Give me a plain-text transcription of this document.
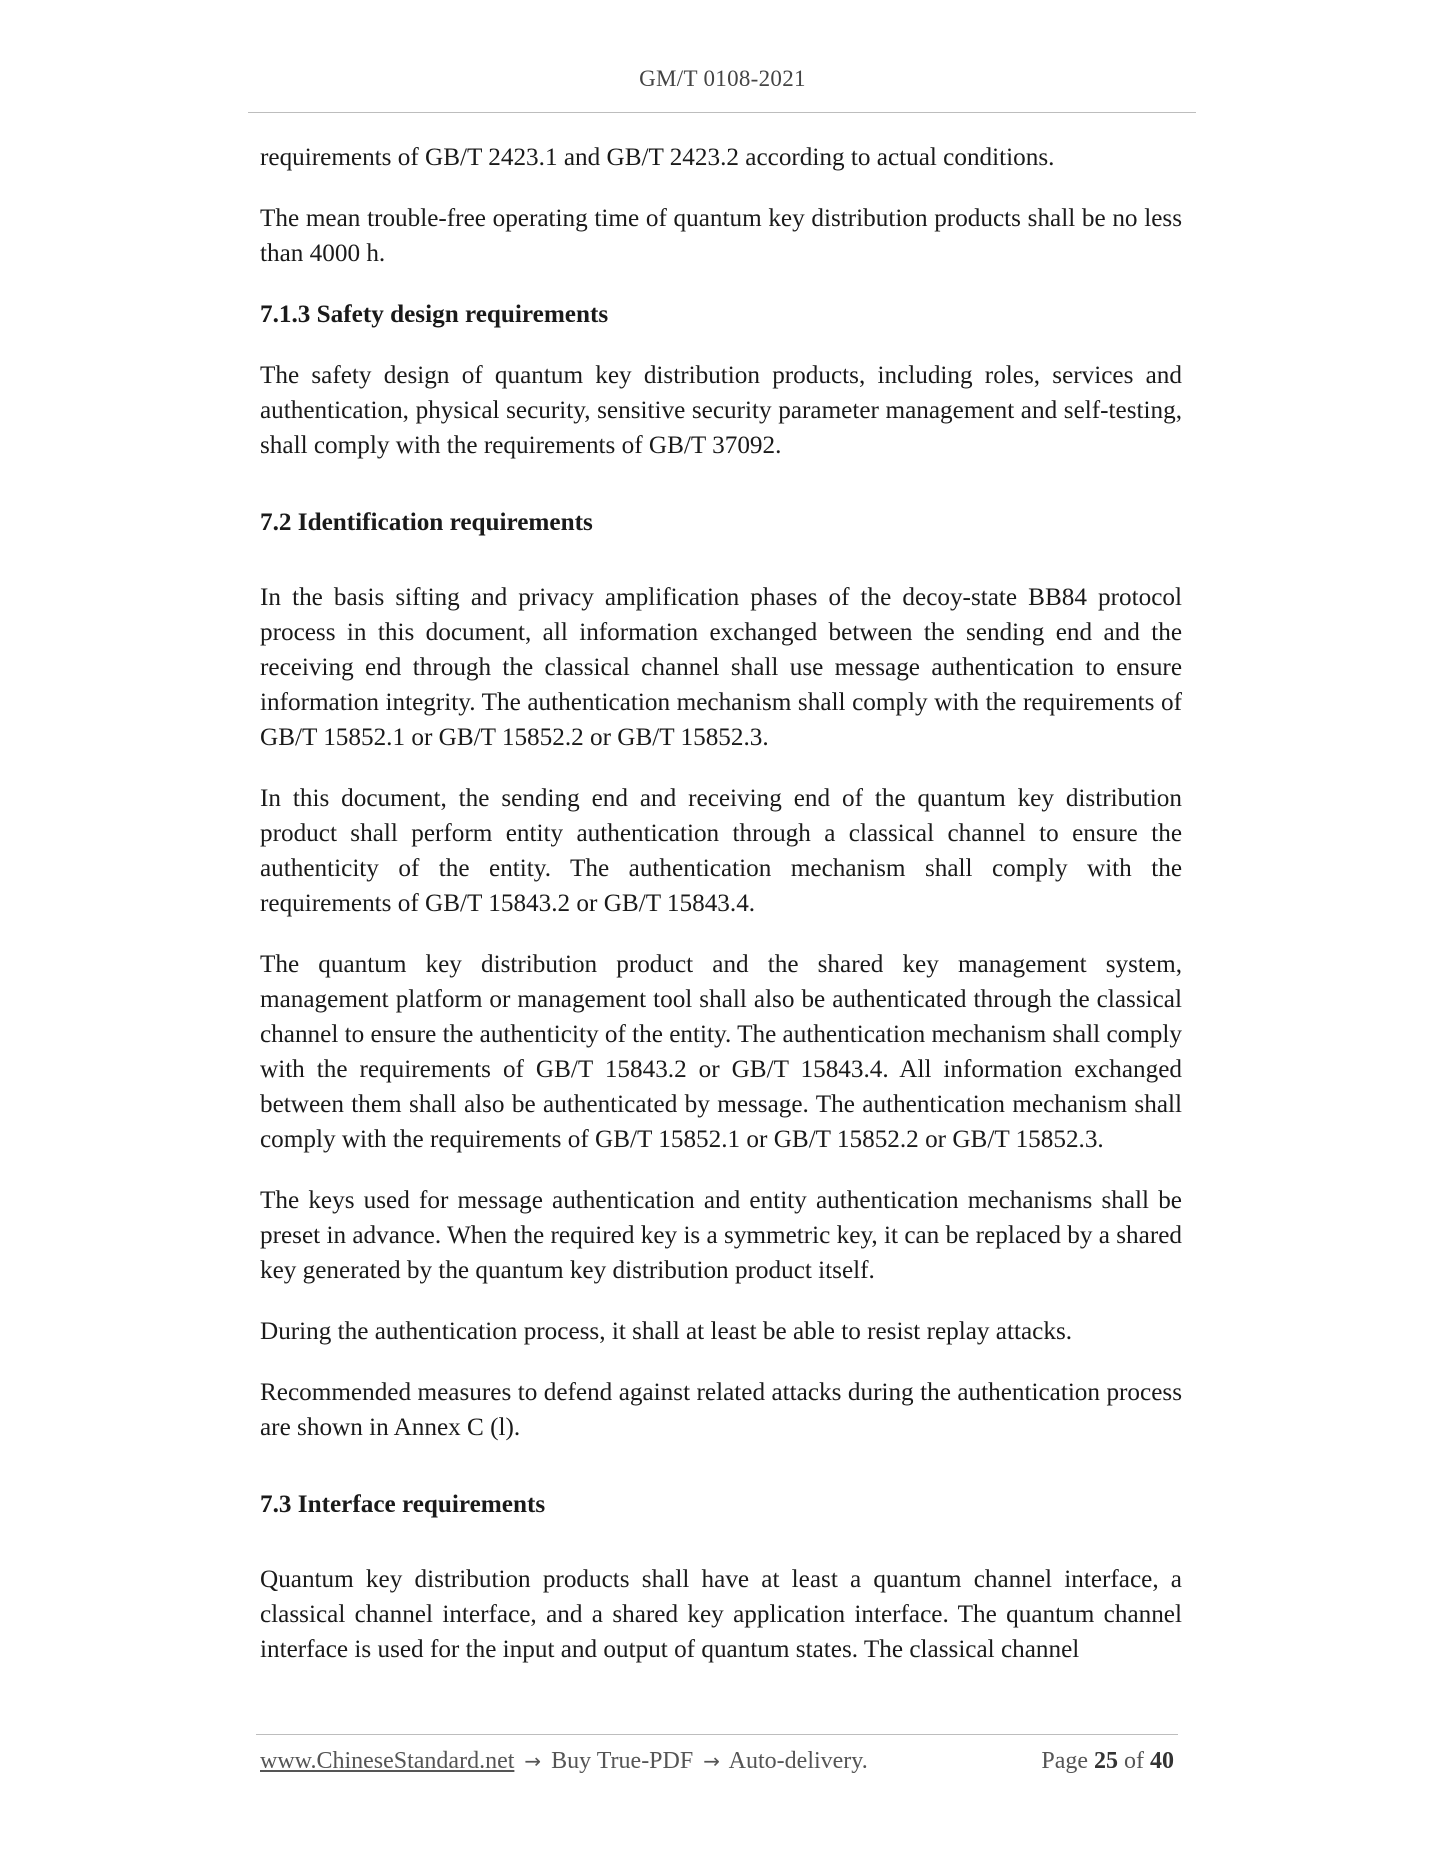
GM/T 0108-2021

requirements of GB/T 2423.1 and GB/T 2423.2 according to actual conditions.

The mean trouble-free operating time of quantum key distribution products shall be no less than 4000 h.

7.1.3 Safety design requirements

The safety design of quantum key distribution products, including roles, services and authentication, physical security, sensitive security parameter management and self-testing, shall comply with the requirements of GB/T 37092.

7.2 Identification requirements

In the basis sifting and privacy amplification phases of the decoy-state BB84 protocol process in this document, all information exchanged between the sending end and the receiving end through the classical channel shall use message authentication to ensure information integrity. The authentication mechanism shall comply with the requirements of GB/T 15852.1 or GB/T 15852.2 or GB/T 15852.3.

In this document, the sending end and receiving end of the quantum key distribution product shall perform entity authentication through a classical channel to ensure the authenticity of the entity. The authentication mechanism shall comply with the requirements of GB/T 15843.2 or GB/T 15843.4.

The quantum key distribution product and the shared key management system, management platform or management tool shall also be authenticated through the classical channel to ensure the authenticity of the entity. The authentication mechanism shall comply with the requirements of GB/T 15843.2 or GB/T 15843.4. All information exchanged between them shall also be authenticated by message. The authentication mechanism shall comply with the requirements of GB/T 15852.1 or GB/T 15852.2 or GB/T 15852.3.

The keys used for message authentication and entity authentication mechanisms shall be preset in advance. When the required key is a symmetric key, it can be replaced by a shared key generated by the quantum key distribution product itself.

During the authentication process, it shall at least be able to resist replay attacks.

Recommended measures to defend against related attacks during the authentication process are shown in Annex C (l).

7.3 Interface requirements

Quantum key distribution products shall have at least a quantum channel interface, a classical channel interface, and a shared key application interface. The quantum channel interface is used for the input and output of quantum states. The classical channel

www.ChineseStandard.net → Buy True-PDF → Auto-delivery.	Page 25 of 40
